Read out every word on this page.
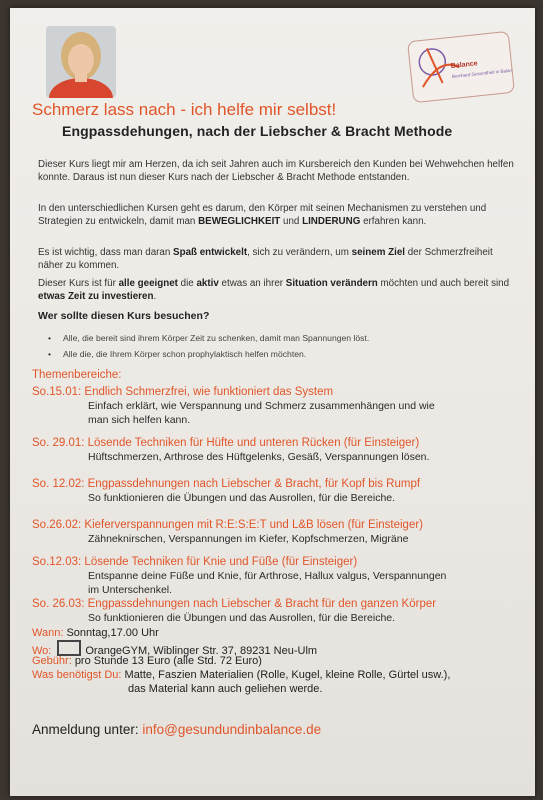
Balance
Bernhard Gesundheit in Balance
Schmerz lass nach - ich helfe mir selbst!
Engpassdehungen, nach der Liebscher & Bracht Methode

Dieser Kurs liegt mir am Herzen, da ich seit Jahren auch im Kursbereich den Kunden bei Wehwehchen helfen konnte. Daraus ist nun dieser Kurs nach der Liebscher & Bracht Methode entstanden.

In den unterschiedlichen Kursen geht es darum, den Körper mit seinen Mechanismen zu verstehen und Strategien zu entwickeln, damit man BEWEGLICHKEIT und LINDERUNG erfahren kann.

Es ist wichtig, dass man daran Spaß entwickelt, sich zu verändern, um seinem Ziel der Schmerzfreiheit näher zu kommen.

Dieser Kurs ist für alle geeignet die aktiv etwas an ihrer Situation verändern möchten und auch bereit sind etwas Zeit zu investieren.

Wer sollte diesen Kurs besuchen?

• Alle, die bereit sind ihrem Körper Zeit zu schenken, damit man Spannungen löst.
• Alle die, die Ihrem Körper schon prophylaktisch helfen möchten.

Themenbereiche:

So.15.01: Endlich Schmerzfrei, wie funktioniert das System

Einfach erklärt, wie Verspannung und Schmerz zusammenhängen und wie

man sich helfen kann.

So. 29.01: Lösende Techniken für Hüfte und unteren Rücken (für Einsteiger)

Hüftschmerzen, Arthrose des Hüftgelenks, Gesäß, Verspannungen lösen.

So. 12.02: Engpassdehnungen nach Liebscher & Bracht, für Kopf bis Rumpf

So funktionieren die Übungen und das Ausrollen, für die Bereiche.

So.26.02: Kieferverspannungen mit R:E:S:E:T und L&B lösen (für Einsteiger)

Zähneknirschen, Verspannungen im Kiefer, Kopfschmerzen, Migräne

So.12.03: Lösende Techniken für Knie und Füße (für Einsteiger)

Entspanne deine Füße und Knie, für Arthrose, Hallux valgus, Verspannungen

im Unterschenkel.

So. 26.03: Engpassdehnungen nach Liebscher & Bracht für den ganzen Körper

So funktionieren die Übungen und das Ausrollen, für die Bereiche.

Wann: Sonntag,17.00 Uhr

Wo:	OrangeGYM, Wiblinger Str. 37, 89231 Neu-Ulm

Gebühr: pro Stunde 13 Euro (alle Std. 72 Euro)

Was benötigst Du: Matte, Faszien Materialien (Rolle, Kugel, kleine Rolle, Gürtel usw.),

das Material kann auch geliehen werde.

Anmeldung unter: info@gesundundinbalance.de
